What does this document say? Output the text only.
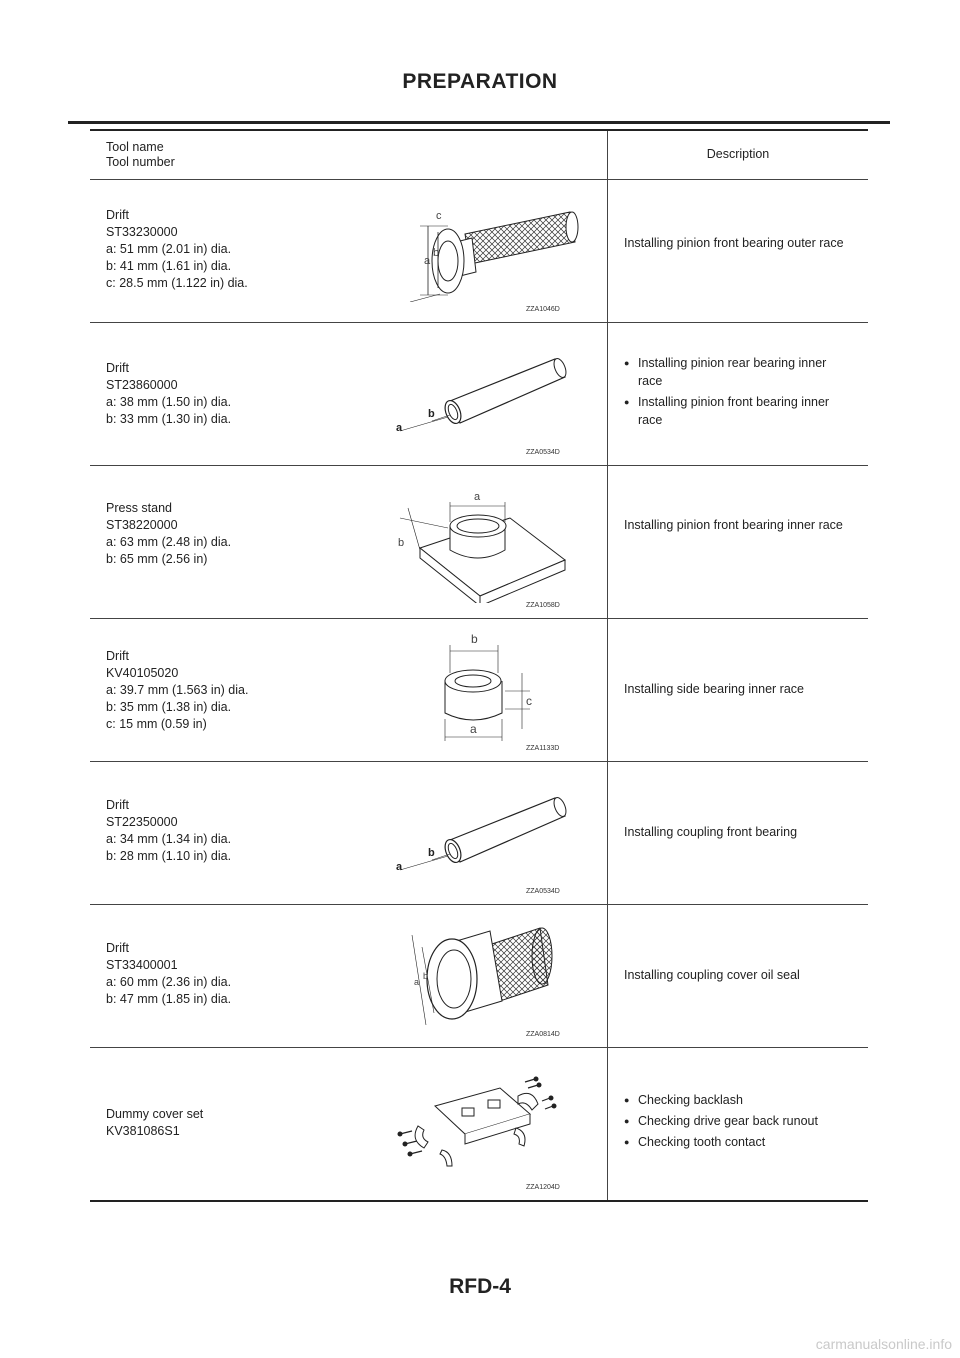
PREPARATION
Tool name
Tool number
Description
Drift
ST33230000
a: 51 mm (2.01 in) dia.
b: 41 mm (1.61 in) dia.
c: 28.5 mm (1.122 in) dia.
a
b
c
ZZA1046D
Installing pinion front bearing outer race
Drift
ST23860000
a: 38 mm (1.50 in) dia.
b: 33 mm (1.30 in) dia.
a
b
ZZA0534D
● Installing pinion rear bearing inner race
● Installing pinion front bearing inner race
Press stand
ST38220000
a: 63 mm (2.48 in) dia.
b: 65 mm (2.56 in)
a
b
ZZA1058D
Installing pinion front bearing inner race
Drift
KV40105020
a: 39.7 mm (1.563 in) dia.
b: 35 mm (1.38 in) dia.
c: 15 mm (0.59 in)
b
c
a
ZZA1133D
Installing side bearing inner race
Drift
ST22350000
a: 34 mm (1.34 in) dia.
b: 28 mm (1.10 in) dia.
a
b
ZZA0534D
Installing coupling front bearing
Drift
ST33400001
a: 60 mm (2.36 in) dia.
b: 47 mm (1.85 in) dia.
a
b
ZZA0814D
Installing coupling cover oil seal
Dummy cover set
KV381086S1
ZZA1204D
● Checking backlash
● Checking drive gear back runout
● Checking tooth contact
RFD-4
carmanualsonline.info
